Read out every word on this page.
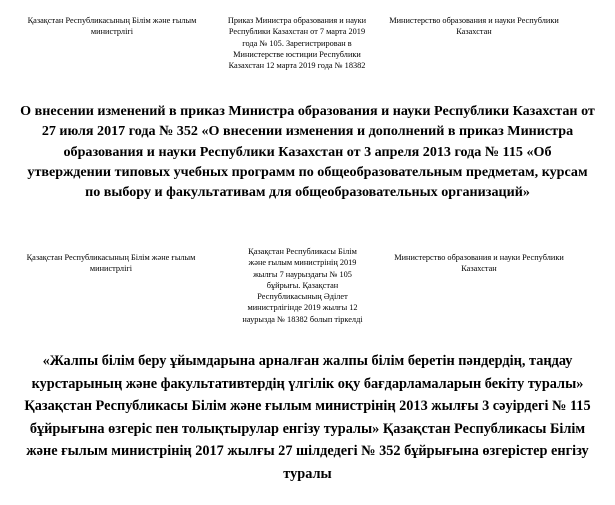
Қазақстан Республикасының Білім және ғылым министрлігі
Приказ Министра образования и науки Республики Казахстан от 7 марта 2019 года № 105. Зарегистрирован в Министерстве юстиции Республики Казахстан 12 марта 2019 года № 18382
Министерство образования и науки Республики Казахстан
О внесении изменений в приказ Министра образования и науки Республики Казахстан от 27 июля 2017 года № 352 «О внесении изменения и дополнений в приказ Министра образования и науки Республики Казахстан от 3 апреля 2013 года № 115 «Об утверждении типовых учебных программ по общеобразовательным предметам, курсам по выбору и факультативам для общеобразовательных организаций»
Қазақстан Республикасының Білім және ғылым министрлігі
Қазақстан Республикасы Білім және ғылым министрінің 2019 жылғы 7 наурыздағы № 105 бұйрығы. Қазақстан Республикасының Әділет министрлігінде 2019 жылғы 12 наурызда № 18382 болып тіркелді
Министерство образования и науки Республики Казахстан
«Жалпы білім беру ұйымдарына арналған жалпы білім беретін пәндердің, таңдау курстарының және факультативтердің үлгілік оқу бағдарламаларын бекіту туралы» Қазақстан Республикасы Білім және ғылым министрінің 2013 жылғы 3 сәуірдегі № 115 бұйрығына өзгеріс пен толықтырулар енгізу туралы» Қазақстан Республикасы Білім және ғылым министрінің 2017 жылғы 27 шілдедегі № 352 бұйрығына өзгерістер енгізу туралы
